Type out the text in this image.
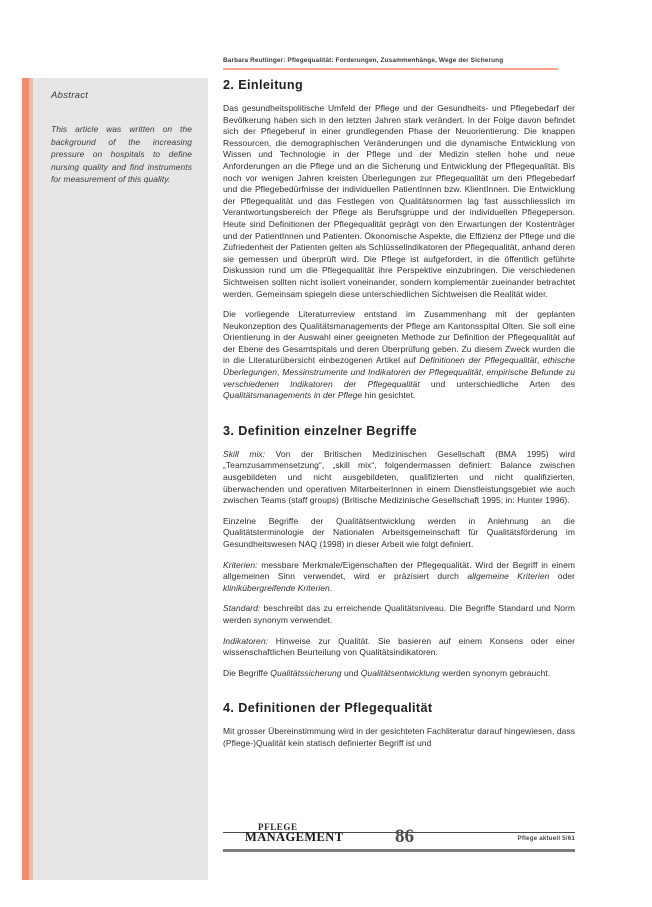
Abstract

This article was written on the background of the increasing pressure on hospitals to define nursing quality and find instruments for measurement of this quality.

Barbara Reutlinger: Pflegequalität: Forderungen, Zusammenhänge, Wege der Sicherung
2. Einleitung

Das gesundheitspolitische Umfeld der Pflege und der Gesundheits- und Pflegebedarf der Bevölkerung haben sich in den letzten Jahren stark verändert. In der Folge davon befindet sich der Pflegeberuf in einer grundlegenden Phase der Neuorientierung. Die knappen Ressourcen, die demographischen Veränderungen und die dynamische Entwicklung von Wissen und Technologie in der Pflege und der Medizin stellen hohe und neue Anforderungen an die Pflege und an die Sicherung und Entwicklung der Pflegequalität. Bis noch vor wenigen Jahren kreisten Überlegungen zur Pflegequalität um den Pflegebedarf und die Pflegebedürfnisse der individuellen PatientInnen bzw. KlientInnen. Die Entwicklung der Pflegequalität und das Festlegen von Qualitätsnormen lag fast ausschliesslich im Verantwortungsbereich der Pflege als Berufsgruppe und der individuellen Pflegeperson. Heute sind Definitionen der Pflegequalität geprägt von den Erwartungen der Kostenträger und der PatientInnen und Patienten. Ökonomische Aspekte, die Effizienz der Pflege und die Zufriedenheit der Patienten gelten als Schlüsselindikatoren der Pflegequalität, anhand deren sie gemessen und überprüft wird. Die Pflege ist aufgefordert, in die öffentlich geführte Diskussion rund um die Pflegequalität ihre Perspektive einzubringen. Die verschiedenen Sichtweisen sollten nicht isoliert voneinander, sondern komplementär zueinander betrachtet werden. Gemeinsam spiegeln diese unterschiedlichen Sichtweisen die Realität wider.

Die vorliegende Literaturreview entstand im Zusammenhang mit der geplanten Neukonzeption des Qualitätsmanagements der Pflege am Kantonsspital Olten. Sie soll eine Orientierung in der Auswahl einer geeigneten Methode zur Definition der Pflegequalität auf der Ebene des Gesamtspitals und deren Überprüfung geben. Zu diesem Zweck wurden die in die Literaturübersicht einbezogenen Artikel auf Definitionen der Pflegequalität, ethische Überlegungen, Messinstrumente und Indikatoren der Pflegequalität, empirische Befunde zu verschiedenen Indikatoren der Pflegequalität und unterschiedliche Arten des Qualitätsmanagements in der Pflege hin gesichtet.

3. Definition einzelner Begriffe

Skill mix: Von der Britischen Medizinischen Gesellschaft (BMA 1995) wird „Teamzusammensetzung“, „skill mix“, folgendermassen definiert: Balance zwischen ausgebildeten und nicht ausgebildeten, qualifizierten und nicht qualifizierten, überwachenden und operativen MitarbeiterInnen in einem Dienstleistungsgebiet wie auch zwischen Teams (staff groups) (Britische Medizinische Gesellschaft 1995; in: Hunter 1996).

Einzelne Begriffe der Qualitätsentwicklung werden in Anlehnung an die Qualitätsterminologie der Nationalen Arbeitsgemeinschaft für Qualitätsförderung im Gesundheitswesen NAQ (1998) in dieser Arbeit wie folgt definiert.

Kriterien: messbare Merkmale/Eigenschaften der Pflegequalität. Wird der Begriff in einem allgemeinen Sinn verwendet, wird er präzisiert durch allgemeine Kriterien oder klinikübergreifende Kriterien.

Standard: beschreibt das zu erreichende Qualitätsniveau. Die Begriffe Standard und Norm werden synonym verwendet.

Indikatoren: Hinweise zur Qualität. Sie basieren auf einem Konsens oder einer wissenschaftlichen Beurteilung von Qualitätsindikatoren.

Die Begriffe Qualitätssicherung und Qualitätsentwicklung werden synonym gebraucht.

4. Definitionen der Pflegequalität

Mit grosser Übereinstimmung wird in der gesichteten Fachliteratur darauf hingewiesen, dass (Pflege-)Qualität kein statisch definierter Begriff ist und

PFLEGE
MANAGEMENT	86	Pflege aktuell 5/61
